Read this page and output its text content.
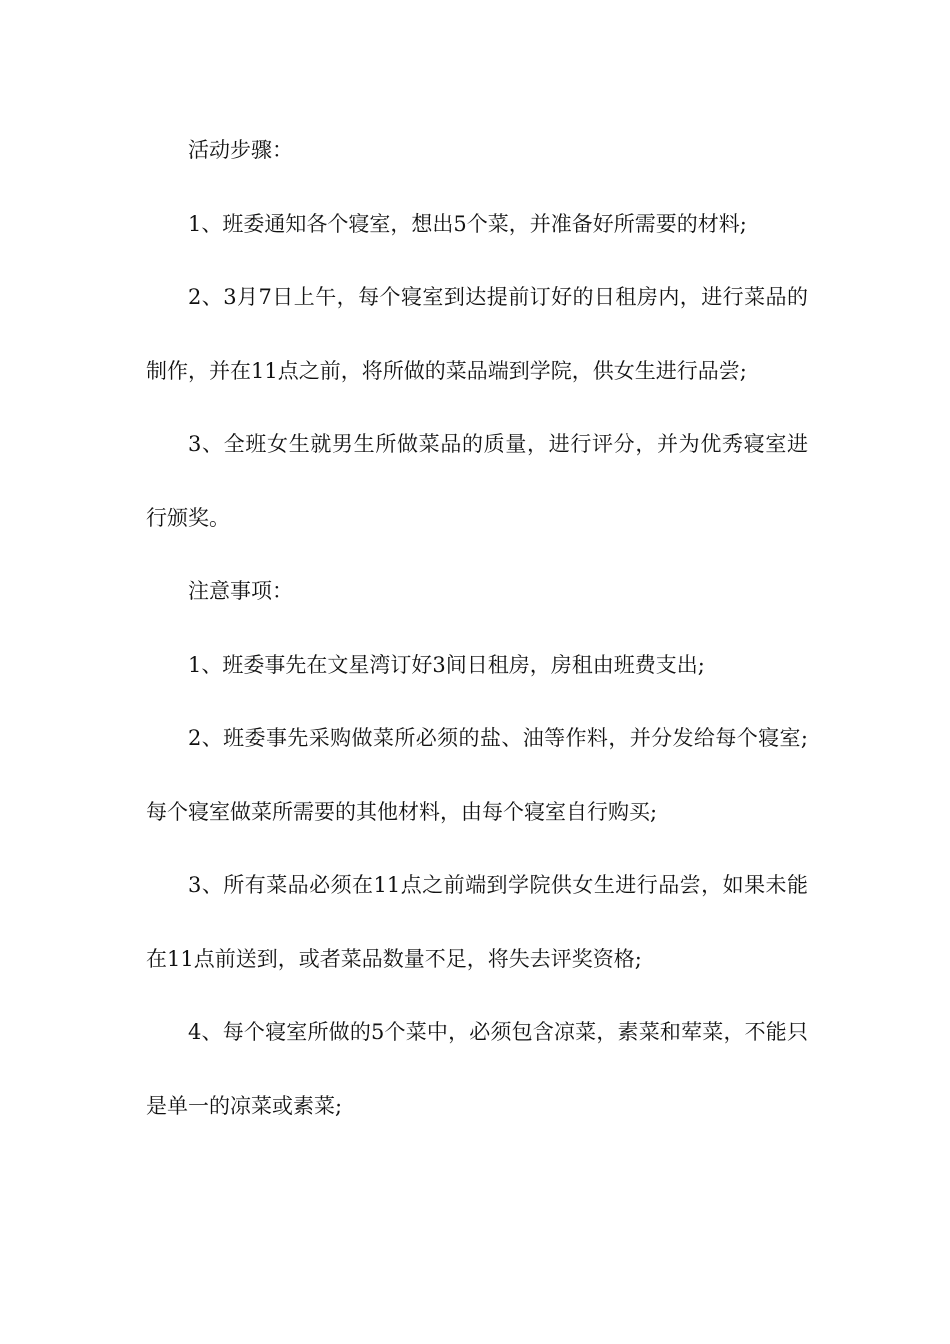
活动步骤：

1、班委通知各个寝室，想出5个菜，并准备好所需要的材料;

2、3月7日上午，每个寝室到达提前订好的日租房内，进行菜品的制作，并在11点之前，将所做的菜品端到学院，供女生进行品尝;

3、全班女生就男生所做菜品的质量，进行评分，并为优秀寝室进行颁奖。

注意事项：

1、班委事先在文星湾订好3间日租房，房租由班费支出;

2、班委事先采购做菜所必须的盐、油等作料，并分发给每个寝室;每个寝室做菜所需要的其他材料，由每个寝室自行购买;

3、所有菜品必须在11点之前端到学院供女生进行品尝，如果未能在11点前送到，或者菜品数量不足，将失去评奖资格;

4、每个寝室所做的5个菜中，必须包含凉菜，素菜和荤菜，不能只是单一的凉菜或素菜;
